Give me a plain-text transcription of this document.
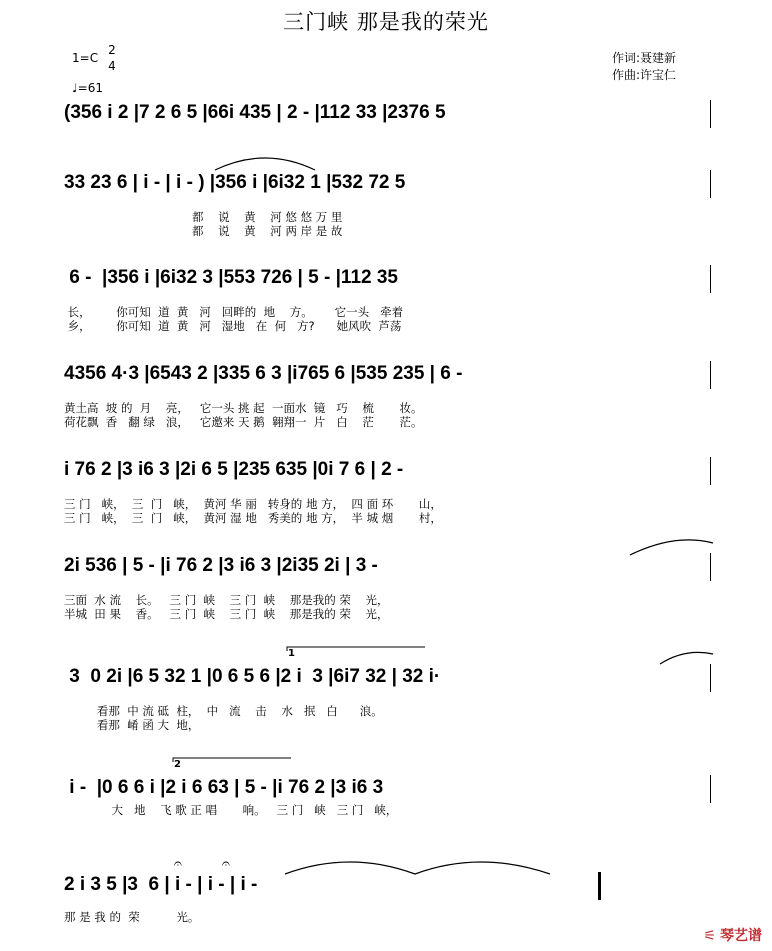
三门峡 那是我的荣光
1=C
2
4
♩=61
作词:聂建新
作曲:许宝仁
(356 i 2 |7 2 6 5 |66i 435 | 2 - |112 33 |2376 5
33 23 6 | i - | i - ) |356 i |6i32 1 |532 72 5
都    说    黄    河 悠 悠 万 里
都    说    黄    河 两 岸 是 故
6 -  |356 i |6i32 3 |553 726 | 5 - |112 35
长，       你可知  道  黄   河   回畔的  地    方。      它一头   牵着
乡，       你可知  道  黄   河   湿地   在  何   方?      她风吹  芦荡
4356 4·3 |6543 2 |335 6 3 |i765 6 |535 235 | 6 -
黄土高  坡 的  月    亮，   它一头 挑 起  一面水  镜   巧    梳       妆。
荷花飘  香   翻 绿   浪，   它邀来 天 鹅  翱翔一  片   白    茫       茫。
i 76 2 |3 i6 3 |2i 6 5 |235 635 |0i 7 6 | 2 -
三 门   峡，  三  门   峡，  黄河 华 丽   转身的 地 方，  四 面 环       山，
三 门   峡，  三  门   峡，  黄河 湿 地   秀美的 地 方，  半 城 烟       村，
2i 536 | 5 - |i 76 2 |3 i6 3 |2i35 2i | 3 -
三面  水 流    长。   三 门  峡    三 门  峡    那是我的 荣    光，
半城  田 果    香。   三 门  峡    三 门  峡    那是我的 荣    光，
1
3  0 2i |6 5 32 1 |0 6 5 6 |2 i  3 |6i7 32 | 32 i·
看那  中 流 砥  柱，  中   流    击    水   抿   白      浪。
看那  崤 函 大  地，
2
i -  |0 6 6 i |2 i 6 63 | 5 - |i 76 2 |3 i6 3
大   地    飞 歌 正 唱       响。   三 门   峡   三 门   峡，
𝄐	𝄐
2 i 3 5 |3  6 | i - | i - | i -
那 是 我 的  荣          光。
⚟ 琴艺谱
